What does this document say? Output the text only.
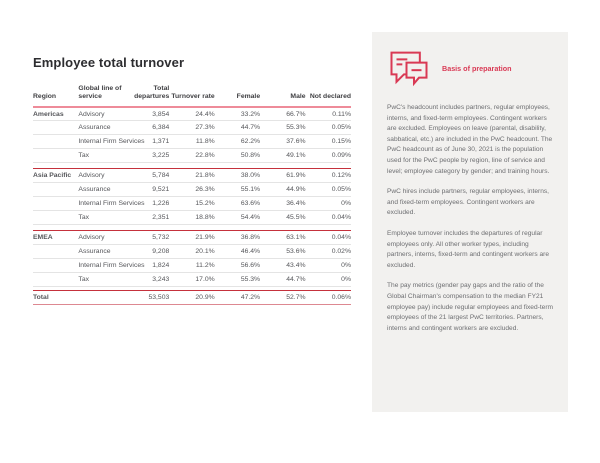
Employee total turnover
Region	Global line of service	Total departures	Turnover rate	Female	Male	Not declared
Americas	Advisory	3,854	24.4%	33.2%	66.7%	0.11%
	Assurance	6,384	27.3%	44.7%	55.3%	0.05%
	Internal Firm Services	1,371	11.8%	62.2%	37.6%	0.15%
	Tax	3,225	22.8%	50.8%	49.1%	0.09%

Asia Pacific	Advisory	5,784	21.8%	38.0%	61.9%	0.12%
	Assurance	9,521	26.3%	55.1%	44.9%	0.05%
	Internal Firm Services	1,226	15.2%	63.6%	36.4%	0%
	Tax	2,351	18.8%	54.4%	45.5%	0.04%

EMEA	Advisory	5,732	21.9%	36.8%	63.1%	0.04%
	Assurance	9,208	20.1%	46.4%	53.6%	0.02%
	Internal Firm Services	1,824	11.2%	56.6%	43.4%	0%
	Tax	3,243	17.0%	55.3%	44.7%	0%

Total		53,503	20.9%	47.2%	52.7%	0.06%
Basis of preparation

PwC's headcount includes partners, regular employees, interns, and fixed-term employees. Contingent workers are excluded. Employees on leave (parental, disability, sabbatical, etc.) are included in the PwC headcount. The PwC headcount as of June 30, 2021 is the population used for the PwC people by region, line of service and level; employee category by gender; and training hours.

PwC hires include partners, regular employees, interns, and fixed-term employees. Contingent workers are excluded.

Employee turnover includes the departures of regular employees only. All other worker types, including partners, interns, fixed-term and contingent workers are excluded.

The pay metrics (gender pay gaps and the ratio of the Global Chairman's compensation to the median FY21 employee pay) include regular employees and fixed-term employees of the 21 largest PwC territories. Partners, interns and contingent workers are excluded.
